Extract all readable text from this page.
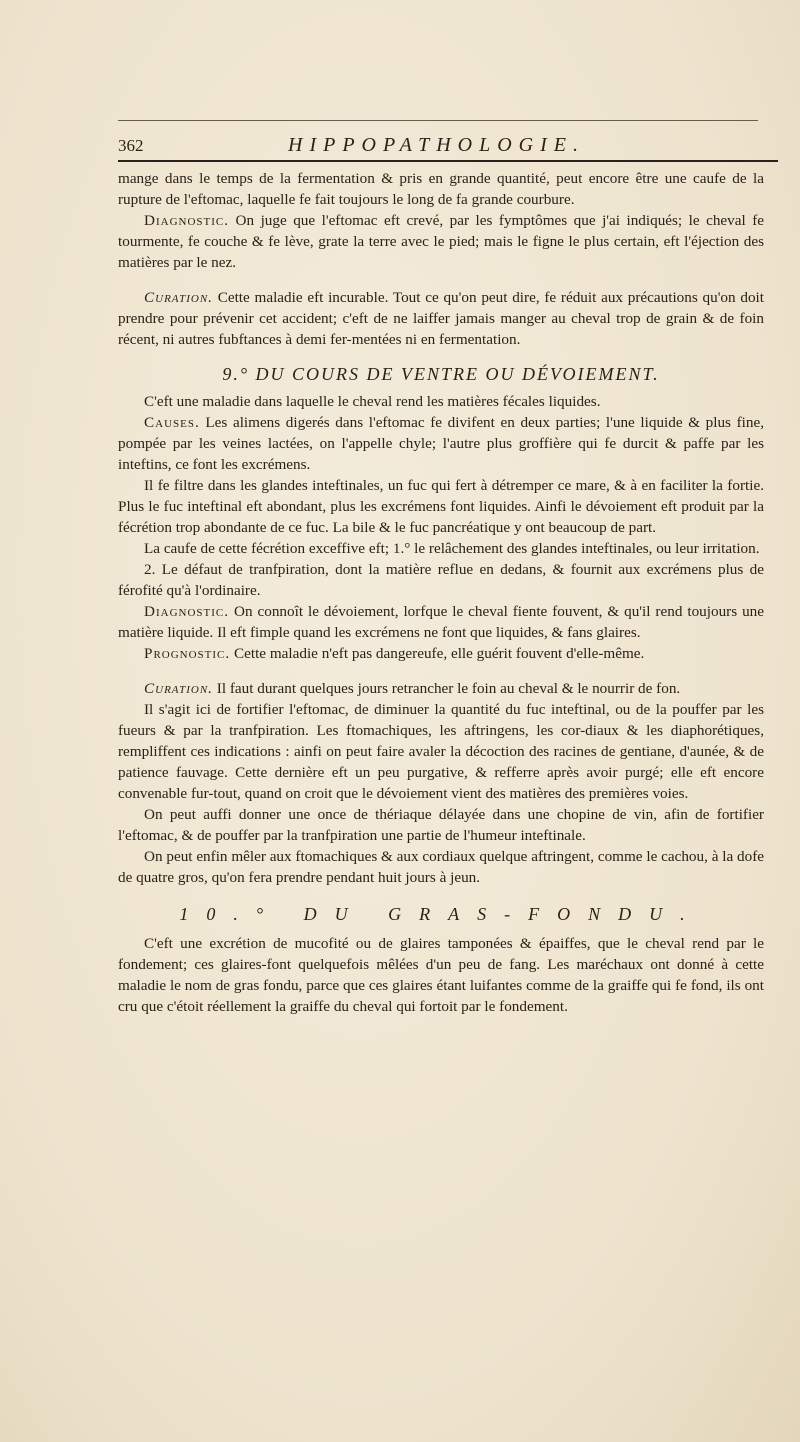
362	HIPPOPATHOLOGIE.

mange dans le temps de la fermentation & pris en grande quantité, peut encore être une caufe de la rupture de l'eftomac, laquelle fe fait toujours le long de fa grande courbure.

Diagnostic. On juge que l'eftomac eft crevé, par les fymptômes que j'ai indiqués; le cheval fe tourmente, fe couche & fe lève, grate la terre avec le pied; mais le figne le plus certain, eft l'éjection des matières par le nez.

Curation. Cette maladie eft incurable. Tout ce qu'on peut dire, fe réduit aux précautions qu'on doit prendre pour prévenir cet accident; c'eft de ne laiffer jamais manger au cheval trop de grain & de foin récent, ni autres fubftances à demi fer-mentées ni en fermentation.

9.° DU COURS DE VENTRE OU DÉVOIEMENT.

C'eft une maladie dans laquelle le cheval rend les matières fécales liquides.

Causes. Les alimens digerés dans l'eftomac fe divifent en deux parties; l'une liquide & plus fine, pompée par les veines lactées, on l'appelle chyle; l'autre plus groffière qui fe durcit & paffe par les inteftins, ce font les excrémens.

Il fe filtre dans les glandes inteftinales, un fuc qui fert à détremper ce mare, & à en faciliter la fortie. Plus le fuc inteftinal eft abondant, plus les excrémens font liquides. Ainfi le dévoiement eft produit par la fécrétion trop abondante de ce fuc. La bile & le fuc pancréatique y ont beaucoup de part.

La caufe de cette fécrétion exceffive eft; 1.° le relâchement des glandes inteftinales, ou leur irritation.

2. Le défaut de tranfpiration, dont la matière reflue en dedans, & fournit aux excrémens plus de férofité qu'à l'ordinaire.

Diagnostic. On connoît le dévoiement, lorfque le cheval fiente fouvent, & qu'il rend toujours une matière liquide. Il eft fimple quand les excrémens ne font que liquides, & fans glaires.

Prognostic. Cette maladie n'eft pas dangereufe, elle guérit fouvent d'elle-même.

Curation. Il faut durant quelques jours retrancher le foin au cheval & le nourrir de fon.

Il s'agit ici de fortifier l'eftomac, de diminuer la quantité du fuc inteftinal, ou de la pouffer par les fueurs & par la tranfpiration. Les ftomachiques, les aftringens, les cor-diaux & les diaphorétiques, rempliffent ces indications : ainfi on peut faire avaler la décoction des racines de gentiane, d'aunée, & de patience fauvage. Cette dernière eft un peu purgative, & refferre après avoir purgé; elle eft encore convenable fur-tout, quand on croit que le dévoiement vient des matières des premières voies.

On peut auffi donner une once de thériaque délayée dans une chopine de vin, afin de fortifier l'eftomac, & de pouffer par la tranfpiration une partie de l'humeur inteftinale.

On peut enfin mêler aux ftomachiques & aux cordiaux quelque aftringent, comme le cachou, à la dofe de quatre gros, qu'on fera prendre pendant huit jours à jeun.

10.° DU GRAS-FONDU.

C'eft une excrétion de mucofité ou de glaires tamponées & épaiffes, que le cheval rend par le fondement; ces glaires-font quelquefois mêlées d'un peu de fang. Les maréchaux ont donné à cette maladie le nom de gras fondu, parce que ces glaires étant luifantes comme de la graiffe qui fe fond, ils ont cru que c'étoit réellement la graiffe du cheval qui fortoit par le fondement.
